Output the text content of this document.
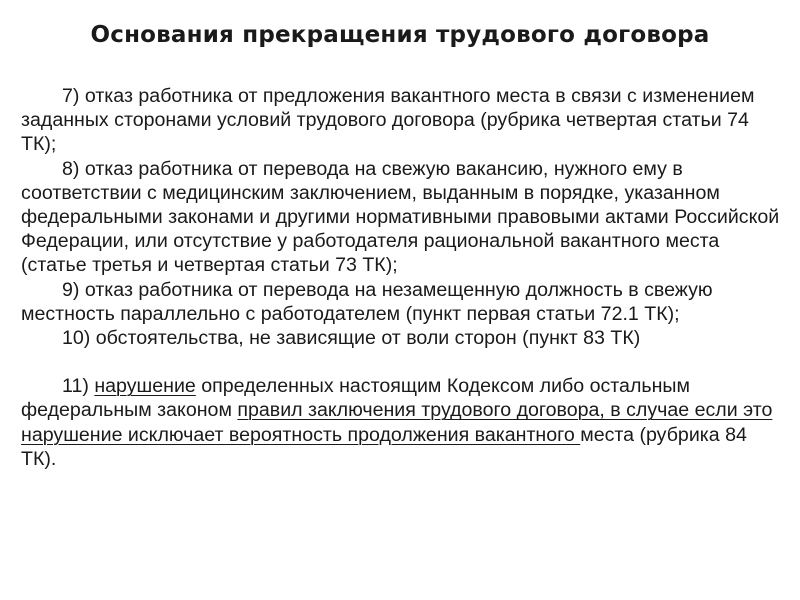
Основания прекращения трудового договора

7) отказ работника от предложения вакантного места в связи с изменением заданных сторонами условий трудового договора (рубрика четвертая статьи 74 ТК);

8) отказ работника от перевода на свежую вакансию, нужного ему в соответствии с медицинским заключением, выданным в порядке, указанном федеральными законами и другими нормативными правовыми актами Российской Федерации, или отсутствие у работодателя рациональной вакантного места (статье третья и четвертая статьи 73 ТК);

9) отказ работника от перевода на незамещенную должность в свежую местность параллельно с работодателем (пункт первая статьи 72.1 ТК);

10) обстоятельства, не зависящие от воли сторон (пункт 83 ТК)

11) нарушение определенных настоящим Кодексом либо остальным федеральным законом правил заключения трудового договора, в случае если это нарушение исключает вероятность продолжения вакантного места (рубрика 84 ТК).
